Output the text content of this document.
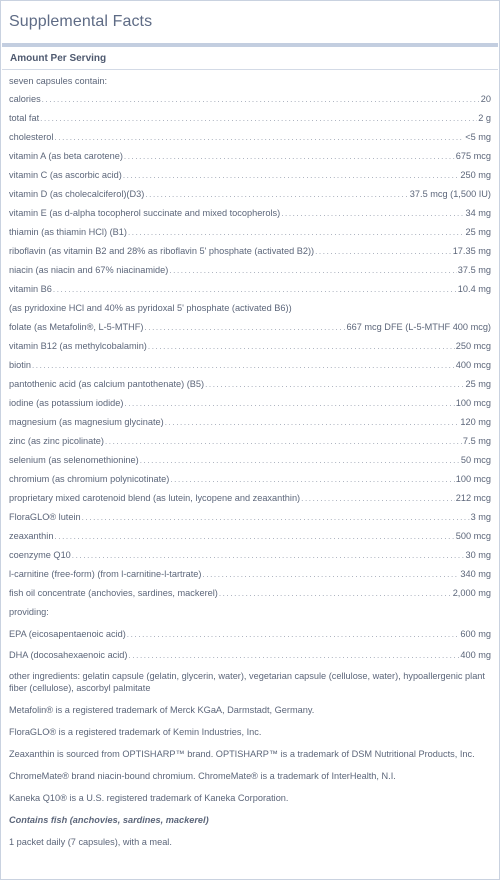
Supplemental Facts
Amount Per Serving
seven capsules contain:
calories .....	20
total fat .....	2 g
cholesterol .....	<5 mg
vitamin A (as beta carotene) .....	675 mcg
vitamin C (as ascorbic acid) .....	250 mg
vitamin D (as cholecalciferol)(D3) .....	37.5 mcg (1,500 IU)
vitamin E (as d-alpha tocopherol succinate and mixed tocopherols) .....	34 mg
thiamin (as thiamin HCl) (B1) .....	25 mg
riboflavin (as vitamin B2 and 28% as riboflavin 5' phosphate (activated B2)) .....	17.35 mg
niacin (as niacin and 67% niacinamide) .....	37.5 mg
vitamin B6 .....	10.4 mg
(as pyridoxine HCl and 40% as pyridoxal 5' phosphate (activated B6))
folate (as Metafolin®, L-5-MTHF) .....	667 mcg DFE (L-5-MTHF 400 mcg)
vitamin B12 (as methylcobalamin) .....	250 mcg
biotin .....	400 mcg
pantothenic acid (as calcium pantothenate) (B5) .....	25 mg
iodine (as potassium iodide) .....	100 mcg
magnesium (as magnesium glycinate) .....	120 mg
zinc (as zinc picolinate) .....	7.5 mg
selenium (as selenomethionine) .....	50 mcg
chromium (as chromium polynicotinate) .....	100 mcg
proprietary mixed carotenoid blend (as lutein, lycopene and zeaxanthin) .....	212 mcg
FloraGLO® lutein .....	3 mg
zeaxanthin .....	500 mcg
coenzyme Q10 .....	30 mg
l-carnitine (free-form) (from l-carnitine-l-tartrate) .....	340 mg
fish oil concentrate (anchovies, sardines, mackerel) .....	2,000 mg
providing:
EPA (eicosapentaenoic acid) .....	600 mg
DHA (docosahexaenoic acid) .....	400 mg
other ingredients: gelatin capsule (gelatin, glycerin, water), vegetarian capsule (cellulose, water), hypoallergenic plant fiber (cellulose), ascorbyl palmitate
Metafolin® is a registered trademark of Merck KGaA, Darmstadt, Germany.
FloraGLO® is a registered trademark of Kemin Industries, Inc.
Zeaxanthin is sourced from OPTISHARP™ brand. OPTISHARP™ is a trademark of DSM Nutritional Products, Inc.
ChromeMate® brand niacin-bound chromium. ChromeMate® is a trademark of InterHealth, N.I.
Kaneka Q10® is a U.S. registered trademark of Kaneka Corporation.
Contains fish (anchovies, sardines, mackerel)
1 packet daily (7 capsules), with a meal.
